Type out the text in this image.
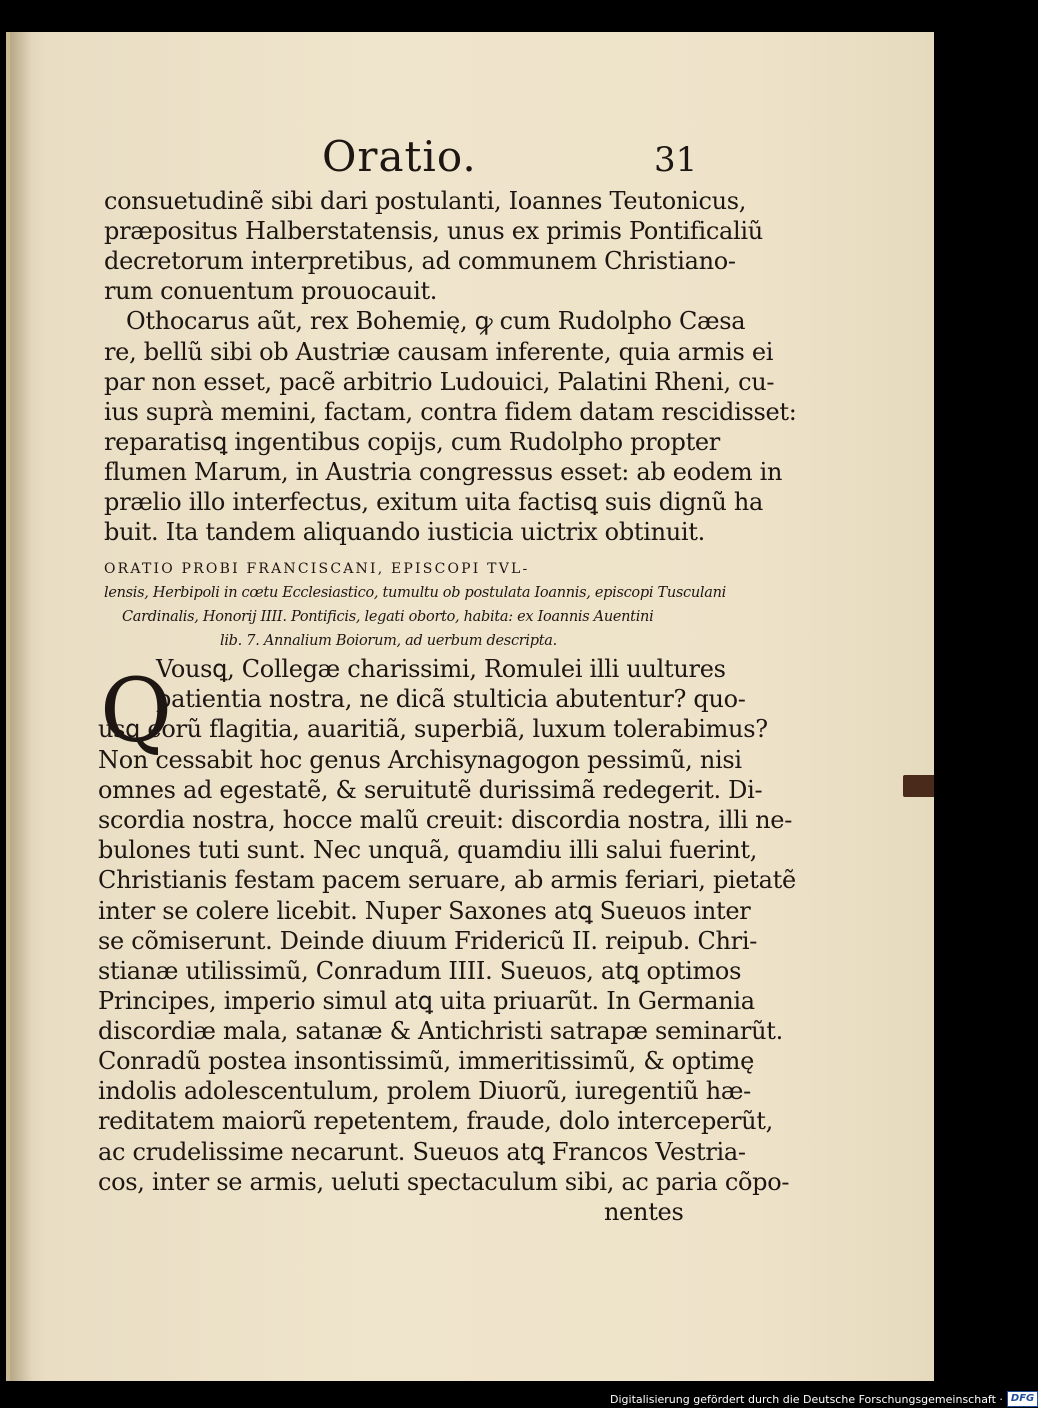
Oratio.	31
consuetudinẽ sibi dari postulanti, Ioannes Teutonicus,
præpositus Halberstatensis, unus ex primis Pontificaliũ
decretorum interpretibus, ad communem Christiano-
rum conuentum prouocauit.
Othocarus aũt, rex Bohemię, ꝙ cum Rudolpho Cæsa
re, bellũ sibi ob Austriæ causam inferente, quia armis ei
par non esset, pacẽ arbitrio Ludouici, Palatini Rheni, cu-
ius suprà memini, factam, contra fidem datam rescidisset:
reparatisꝗ ingentibus copijs, cum Rudolpho propter
flumen Marum, in Austria congressus esset: ab eodem in
prælio illo interfectus, exitum uita factisꝗ suis dignũ ha
buit. Ita tandem aliquando iusticia uictrix obtinuit.
ORATIO PROBI FRANCISCANI, EPISCOPI TVL-
lensis, Herbipoli in cœtu Ecclesiastico, tumultu ob postulata Ioannis, episcopi Tusculani
Cardinalis, Honorij IIII. Pontificis, legati oborto, habita: ex Ioannis Auentini
lib. 7. Annalium Boiorum, ad uerbum descripta.
Q
Vousꝗ, Collegæ charissimi, Romulei illi uultures
patientia nostra, ne dicã stulticia abutentur? quo-
usꝗ eorũ flagitia, auaritiã, superbiã, luxum tolerabimus?
Non cessabit hoc genus Archisynagogon pessimũ, nisi
omnes ad egestatẽ, & seruitutẽ durissimã redegerit. Di-
scordia nostra, hocce malũ creuit: discordia nostra, illi ne-
bulones tuti sunt. Nec unquã, quamdiu illi salui fuerint,
Christianis festam pacem seruare, ab armis feriari, pietatẽ
inter se colere licebit. Nuper Saxones atꝗ Sueuos inter
se cõmiserunt. Deinde diuum Fridericũ II. reipub. Chri-
stianæ utilissimũ, Conradum IIII. Sueuos, atꝗ optimos
Principes, imperio simul atꝗ uita priuarũt. In Germania
discordiæ mala, satanæ & Antichristi satrapæ seminarũt.
Conradũ postea insontissimũ, immeritissimũ, & optimę
indolis adolescentulum, prolem Diuorũ, iuregentiũ hæ-
reditatem maiorũ repetentem, fraude, dolo interceperũt,
ac crudelissime necarunt. Sueuos atꝗ Francos Vestria-
cos, inter se armis, ueluti spectaculum sibi, ac paria cõpo-
nentes
Digitalisierung gefördert durch die Deutsche Forschungsgemeinschaft · DFG
